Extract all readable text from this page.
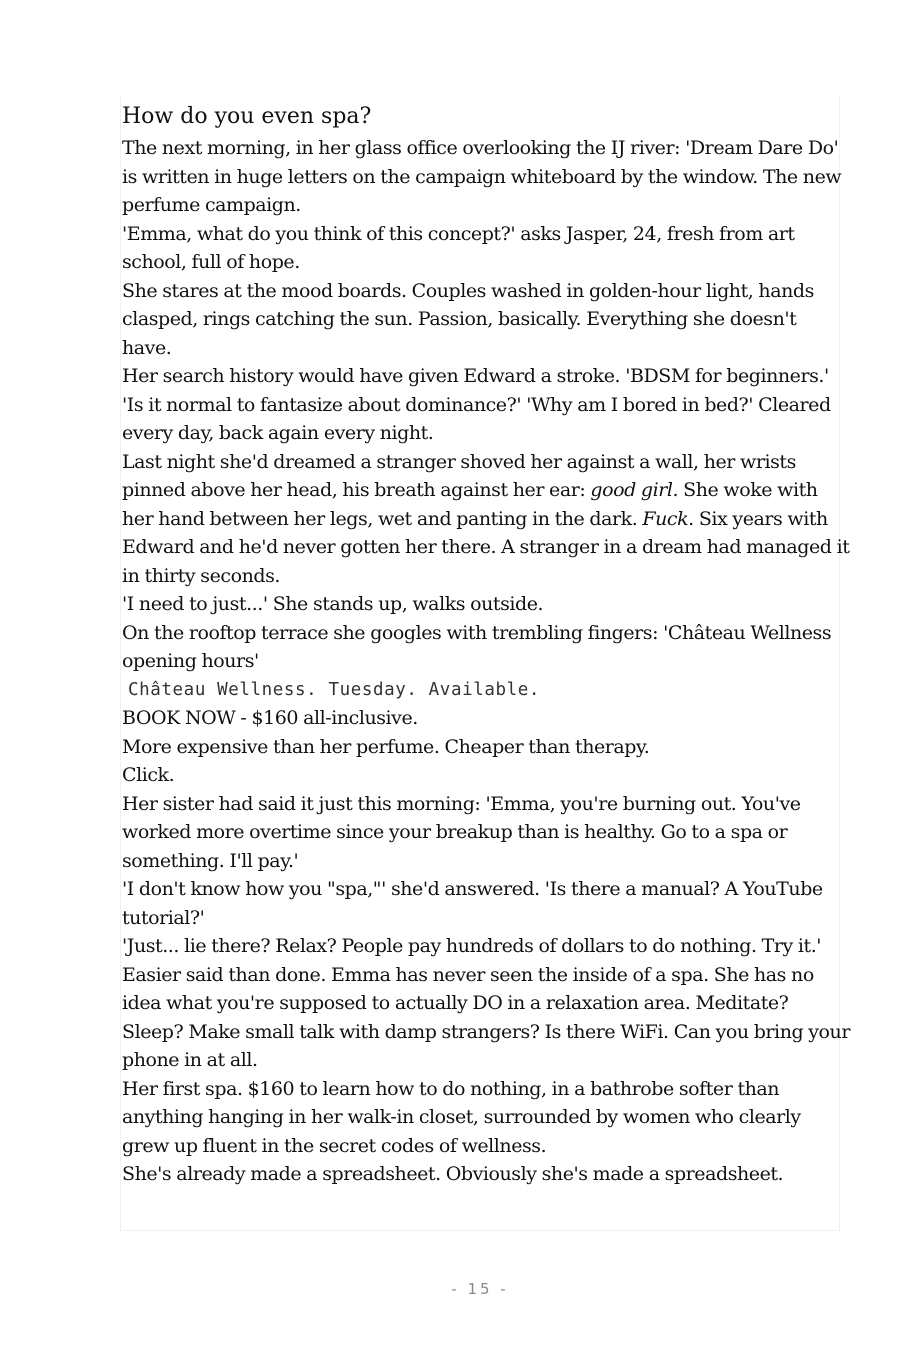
How do you even spa?

The next morning, in her glass office overlooking the IJ river: 'Dream Dare Do' is written in huge letters on the campaign whiteboard by the window. The new perfume campaign.

'Emma, what do you think of this concept?' asks Jasper, 24, fresh from art school, full of hope.

She stares at the mood boards. Couples washed in golden-hour light, hands clasped, rings catching the sun. Passion, basically. Everything she doesn't have.

Her search history would have given Edward a stroke. 'BDSM for beginners.' 'Is it normal to fantasize about dominance?' 'Why am I bored in bed?' Cleared every day, back again every night.

Last night she'd dreamed a stranger shoved her against a wall, her wrists pinned above her head, his breath against her ear: good girl. She woke with her hand between her legs, wet and panting in the dark. Fuck. Six years with Edward and he'd never gotten her there. A stranger in a dream had managed it in thirty seconds.

'I need to just...' She stands up, walks outside.

On the rooftop terrace she googles with trembling fingers: 'Château Wellness opening hours'

Château Wellness. Tuesday. Available.

BOOK NOW - $160 all-inclusive.

More expensive than her perfume. Cheaper than therapy.

Click.

Her sister had said it just this morning: 'Emma, you're burning out. You've worked more overtime since your breakup than is healthy. Go to a spa or something. I'll pay.'

'I don't know how you "spa,"' she'd answered. 'Is there a manual? A YouTube tutorial?'

'Just... lie there? Relax? People pay hundreds of dollars to do nothing. Try it.'

Easier said than done. Emma has never seen the inside of a spa. She has no idea what you're supposed to actually DO in a relaxation area. Meditate? Sleep? Make small talk with damp strangers? Is there WiFi. Can you bring your phone in at all.

Her first spa. $160 to learn how to do nothing, in a bathrobe softer than anything hanging in her walk-in closet, surrounded by women who clearly grew up fluent in the secret codes of wellness.

She's already made a spreadsheet. Obviously she's made a spreadsheet.

- 15 -
